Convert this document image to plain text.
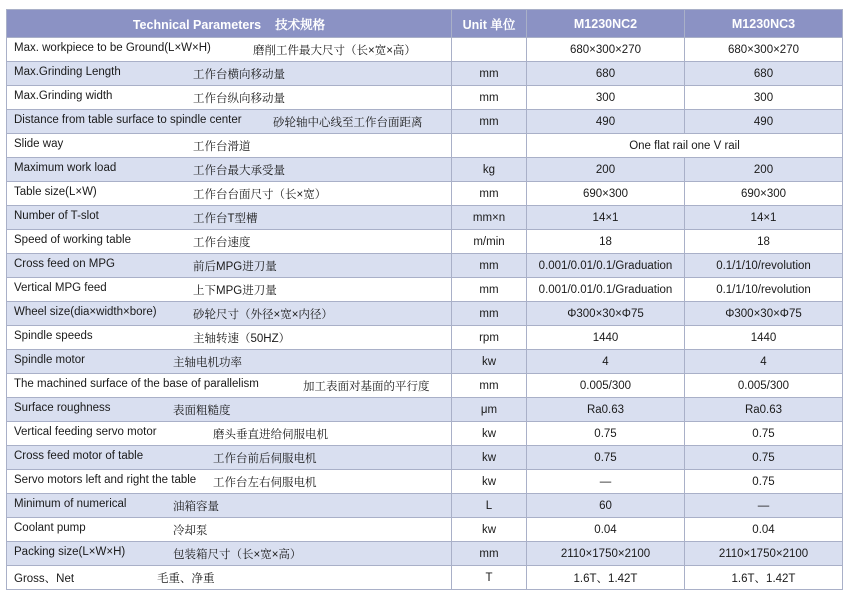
Technical Parameters 技术规格	Unit 单位	M1230NC2	M1230NC3

Max. workpiece to be Ground(L×W×H) 磨削工件最大尺寸（长×宽×高）		680×300×270	680×300×270

Max.Grinding Length 工作台横向移动量	mm	680	680

Max.Grinding width 工作台纵向移动量	mm	300	300

Distance from table surface to spindle center 砂轮轴中心线至工作台面距离	mm	490	490

Slide way 工作台滑道		One flat rail one V rail	

Maximum work load 工作台最大承受量	kg	200	200

Table size(L×W) 工作台台面尺寸（长×宽）	mm	690×300	690×300

Number of T-slot 工作台T型槽	mm×n	14×1	14×1

Speed of working table 工作台速度	m/min	18	18

Cross feed on MPG 前后MPG进刀量	mm	0.001/0.01/0.1/Graduation	0.1/1/10/revolution

Vertical MPG feed 上下MPG进刀量	mm	0.001/0.01/0.1/Graduation	0.1/1/10/revolution

Wheel size(dia×width×bore) 砂轮尺寸（外径×宽×内径）	mm	Φ300×30×Φ75	Φ300×30×Φ75

Spindle speeds 主轴转速（50HZ）	rpm	1440	1440

Spindle motor 主轴电机功率	kw	4	4

The machined surface of the base of parallelism 加工表面对基面的平行度	mm	0.005/300	0.005/300

Surface roughness 表面粗糙度	μm	Ra0.63	Ra0.63

Vertical feeding servo motor 磨头垂直进给伺服电机	kw	0.75	0.75

Cross feed motor of table 工作台前后伺服电机	kw	0.75	0.75

Servo motors left and right the table 工作台左右伺服电机	kw	—	0.75

Minimum of numerical 油箱容量	L	60	—

Coolant pump 冷却泵	kw	0.04	0.04

Packing size(L×W×H) 包装箱尺寸（长×宽×高）	mm	2110×1750×2100	2110×1750×2100

Gross、Net 毛重、净重	T	1.6T、1.42T	1.6T、1.42T
